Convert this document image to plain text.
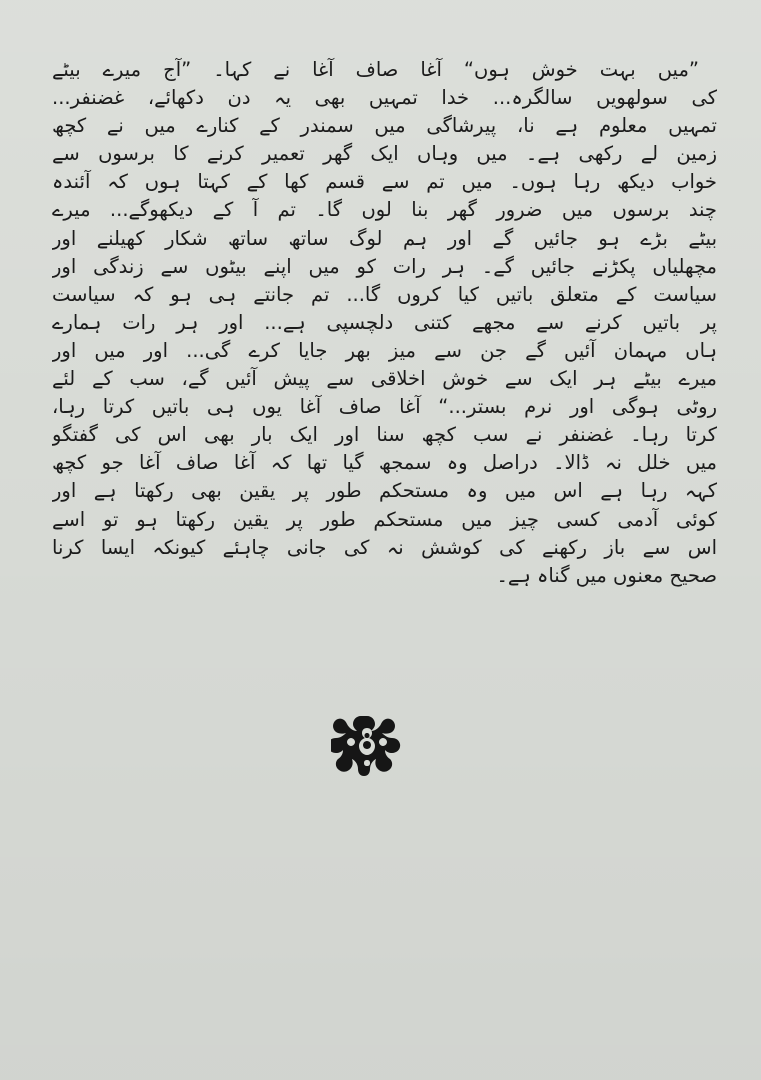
”میں بہت خوش ہوں“ آغا صاف آغا نے کہا۔ ”آج میرے بیٹے
کی سولھویں سالگرہ... خدا تمہیں بھی یہ دن دکھائے، غضنفر...
تمہیں معلوم ہے نا، پیرشاگی میں سمندر کے کنارے میں نے کچھ
زمین لے رکھی ہے۔ میں وہاں ایک گھر تعمیر کرنے کا برسوں سے
خواب دیکھ رہا ہوں۔ میں تم سے قسم کھا کے کہتا ہوں کہ آئندہ
چند برسوں میں ضرور گھر بنا لوں گا۔ تم آ کے دیکھوگے... میرے
بیٹے بڑے ہو جائیں گے اور ہم لوگ ساتھ ساتھ شکار کھیلنے اور
مچھلیاں پکڑنے جائیں گے۔ ہر رات کو میں اپنے بیٹوں سے زندگی اور
سیاست کے متعلق باتیں کیا کروں گا... تم جانتے ہی ہو کہ سیاست
پر باتیں کرنے سے مجھے کتنی دلچسپی ہے... اور ہر رات ہمارے
ہاں مہمان آئیں گے جن سے میز بھر جایا کرے گی... اور میں اور
میرے بیٹے ہر ایک سے خوش اخلاقی سے پیش آئیں گے، سب کے لئے
روٹی ہوگی اور نرم بستر...“ آغا صاف آغا یوں ہی باتیں کرتا رہا،
کرتا رہا۔ غضنفر نے سب کچھ سنا اور ایک بار بھی اس کی گفتگو
میں خلل نہ ڈالا۔ دراصل وہ سمجھ گیا تھا کہ آغا صاف آغا جو کچھ
کہہ رہا ہے اس میں وہ مستحکم طور پر یقین بھی رکھتا ہے اور
کوئی آدمی کسی چیز میں مستحکم طور پر یقین رکھتا ہو تو اسے
اس سے باز رکھنے کی کوشش نہ کی جانی چاہئے کیونکہ ایسا کرنا
صحیح معنوں میں گناہ ہے۔
